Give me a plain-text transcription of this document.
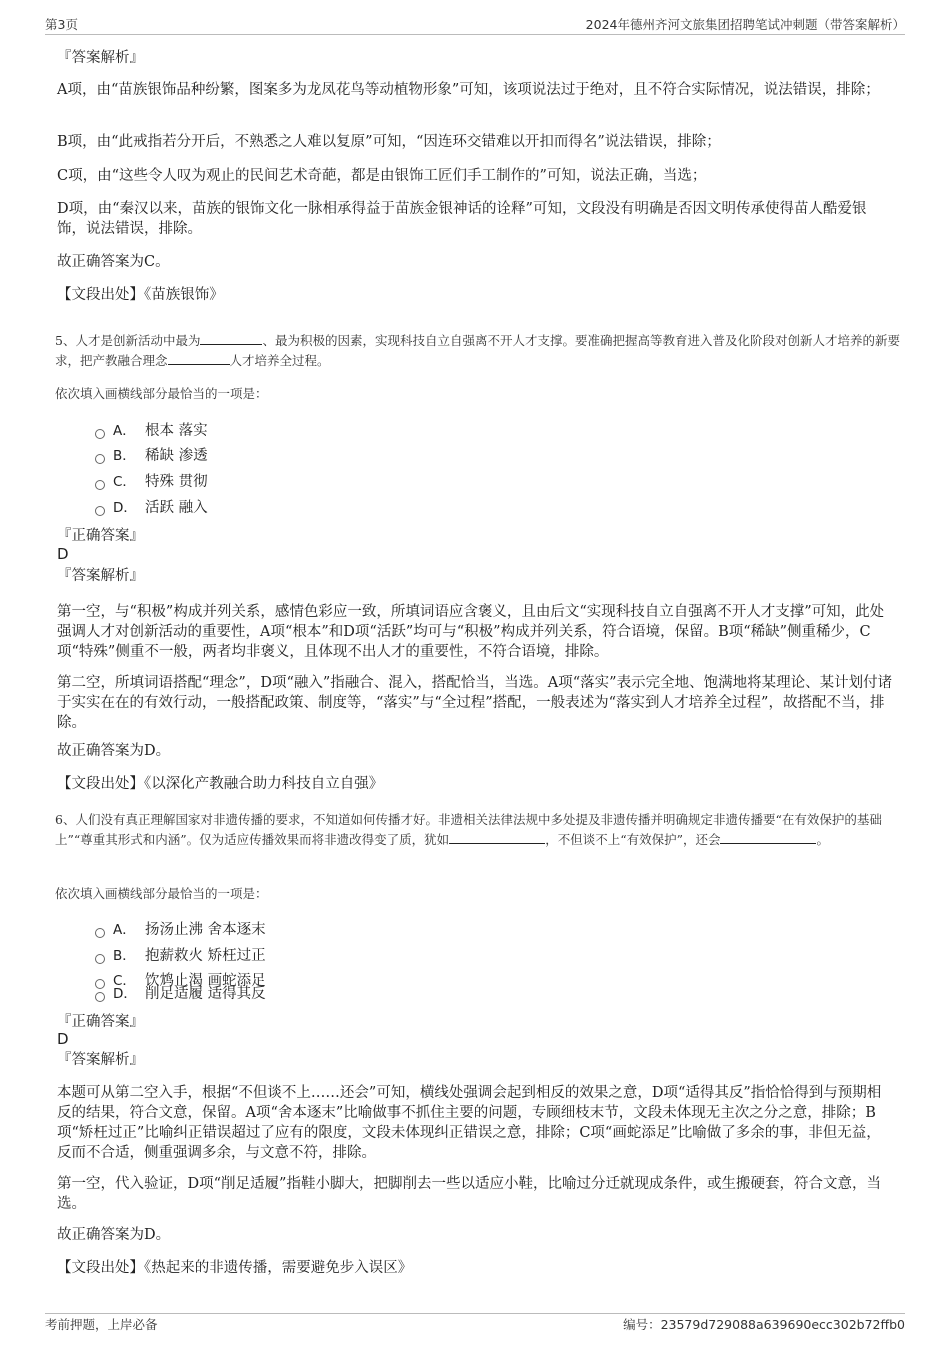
第3页	2024年德州齐河文旅集团招聘笔试冲刺题（带答案解析）
『答案解析』
A项，由“苗族银饰品种纷繁，图案多为龙凤花鸟等动植物形象”可知，该项说法过于绝对，且不符合实际情况，说法错误，排除；
B项，由“此戒指若分开后，不熟悉之人难以复原”可知，“因连环交错难以开扣而得名”说法错误，排除；
C项，由“这些令人叹为观止的民间艺术奇葩，都是由银饰工匠们手工制作的”可知，说法正确，当选；
D项，由“秦汉以来，苗族的银饰文化一脉相承得益于苗族金银神话的诠释”可知，文段没有明确是否因文明传承使得苗人酷爱银饰，说法错误，排除。
故正确答案为C。
【文段出处】《苗族银饰》
5、人才是创新活动中最为	、最为积极的因素，实现科技自立自强离不开人才支撑。要准确把握高等教育进入普及化阶段对创新人才培养的新要求，把产教融合理念	人才培养全过程。
依次填入画横线部分最恰当的一项是：
A． 根本 落实
B． 稀缺 渗透
C． 特殊 贯彻
D． 活跃 融入
『正确答案』
D
『答案解析』
第一空，与“积极”构成并列关系，感情色彩应一致，所填词语应含褒义，且由后文“实现科技自立自强离不开人才支撑”可知，此处强调人才对创新活动的重要性，A项“根本”和D项“活跃”均可与“积极”构成并列关系，符合语境，保留。B项“稀缺”侧重稀少，C项“特殊”侧重不一般，两者均非褒义，且体现不出人才的重要性，不符合语境，排除。
第二空，所填词语搭配“理念”，D项“融入”指融合、混入，搭配恰当，当选。A项“落实”表示完全地、饱满地将某理论、某计划付诸于实实在在的有效行动，一般搭配政策、制度等，“落实”与“全过程”搭配，一般表述为“落实到人才培养全过程”，故搭配不当，排除。
故正确答案为D。
【文段出处】《以深化产教融合助力科技自立自强》
6、人们没有真正理解国家对非遗传播的要求，不知道如何传播才好。非遗相关法律法规中多处提及非遗传播并明确规定非遗传播要“在有效保护的基础上”“尊重其形式和内涵”。仅为适应传播效果而将非遗改得变了质，犹如	，不但谈不上“有效保护”，还会	。
依次填入画横线部分最恰当的一项是：
A． 扬汤止沸 舍本逐末
B． 抱薪救火 矫枉过正
C． 饮鸩止渴 画蛇添足
D． 削足适履 适得其反
『正确答案』
D
『答案解析』
本题可从第二空入手，根据“不但谈不上……还会”可知，横线处强调会起到相反的效果之意，D项“适得其反”指恰恰得到与预期相反的结果，符合文意，保留。A项“舍本逐末”比喻做事不抓住主要的问题，专顾细枝末节，文段未体现无主次之分之意，排除；B项“矫枉过正”比喻纠正错误超过了应有的限度，文段未体现纠正错误之意，排除；C项“画蛇添足”比喻做了多余的事，非但无益，反而不合适，侧重强调多余，与文意不符，排除。
第一空，代入验证，D项“削足适履”指鞋小脚大，把脚削去一些以适应小鞋，比喻过分迁就现成条件，或生搬硬套，符合文意，当选。
故正确答案为D。
【文段出处】《热起来的非遗传播，需要避免步入误区》
考前押题，上岸必备	编号：23579d729088a639690ecc302b72ffb0
